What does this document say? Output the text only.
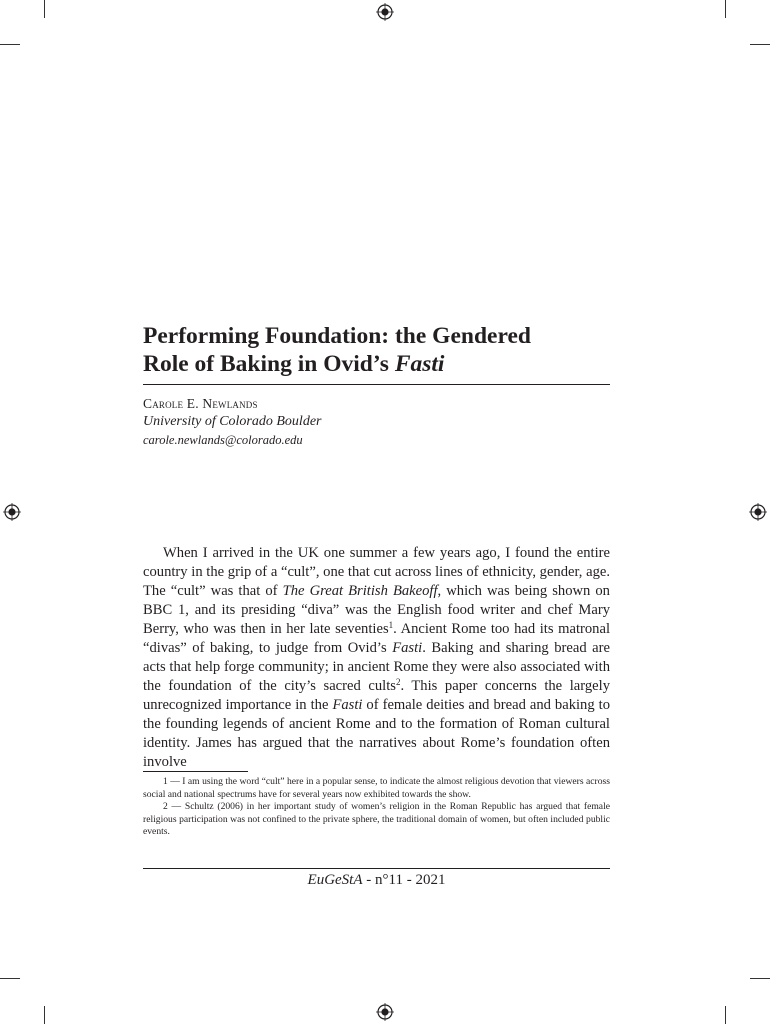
Performing Foundation: the Gendered
Role of Baking in Ovid’s Fasti
Carole E. Newlands
University of Colorado Boulder
carole.newlands@colorado.edu

When I arrived in the UK one summer a few years ago, I found the entire country in the grip of a “cult”, one that cut across lines of ethnicity, gender, age. The “cult” was that of The Great British Bakeoff, which was being shown on BBC 1, and its presiding “diva” was the English food writer and chef Mary Berry, who was then in her late seventies$^1$. Ancient Rome too had its matronal “divas” of baking, to judge from Ovid’s Fasti. Baking and sharing bread are acts that help forge community; in ancient Rome they were also associated with the foundation of the city’s sacred cults$^2$. This paper concerns the largely unrecognized importance in the Fasti of female deities and bread and baking to the founding legends of ancient Rome and to the formation of Roman cultural identity. James has argued that the narratives about Rome’s foundation often involve

1 — I am using the word “cult” here in a popular sense, to indicate the almost religious devotion that viewers across social and national spectrums have for several years now exhibited towards the show.

2 — Schultz (2006) in her important study of women’s religion in the Roman Republic has argued that female religious participation was not confined to the private sphere, the traditional domain of women, but often included public events.

EuGeStA - n°11 - 2021
